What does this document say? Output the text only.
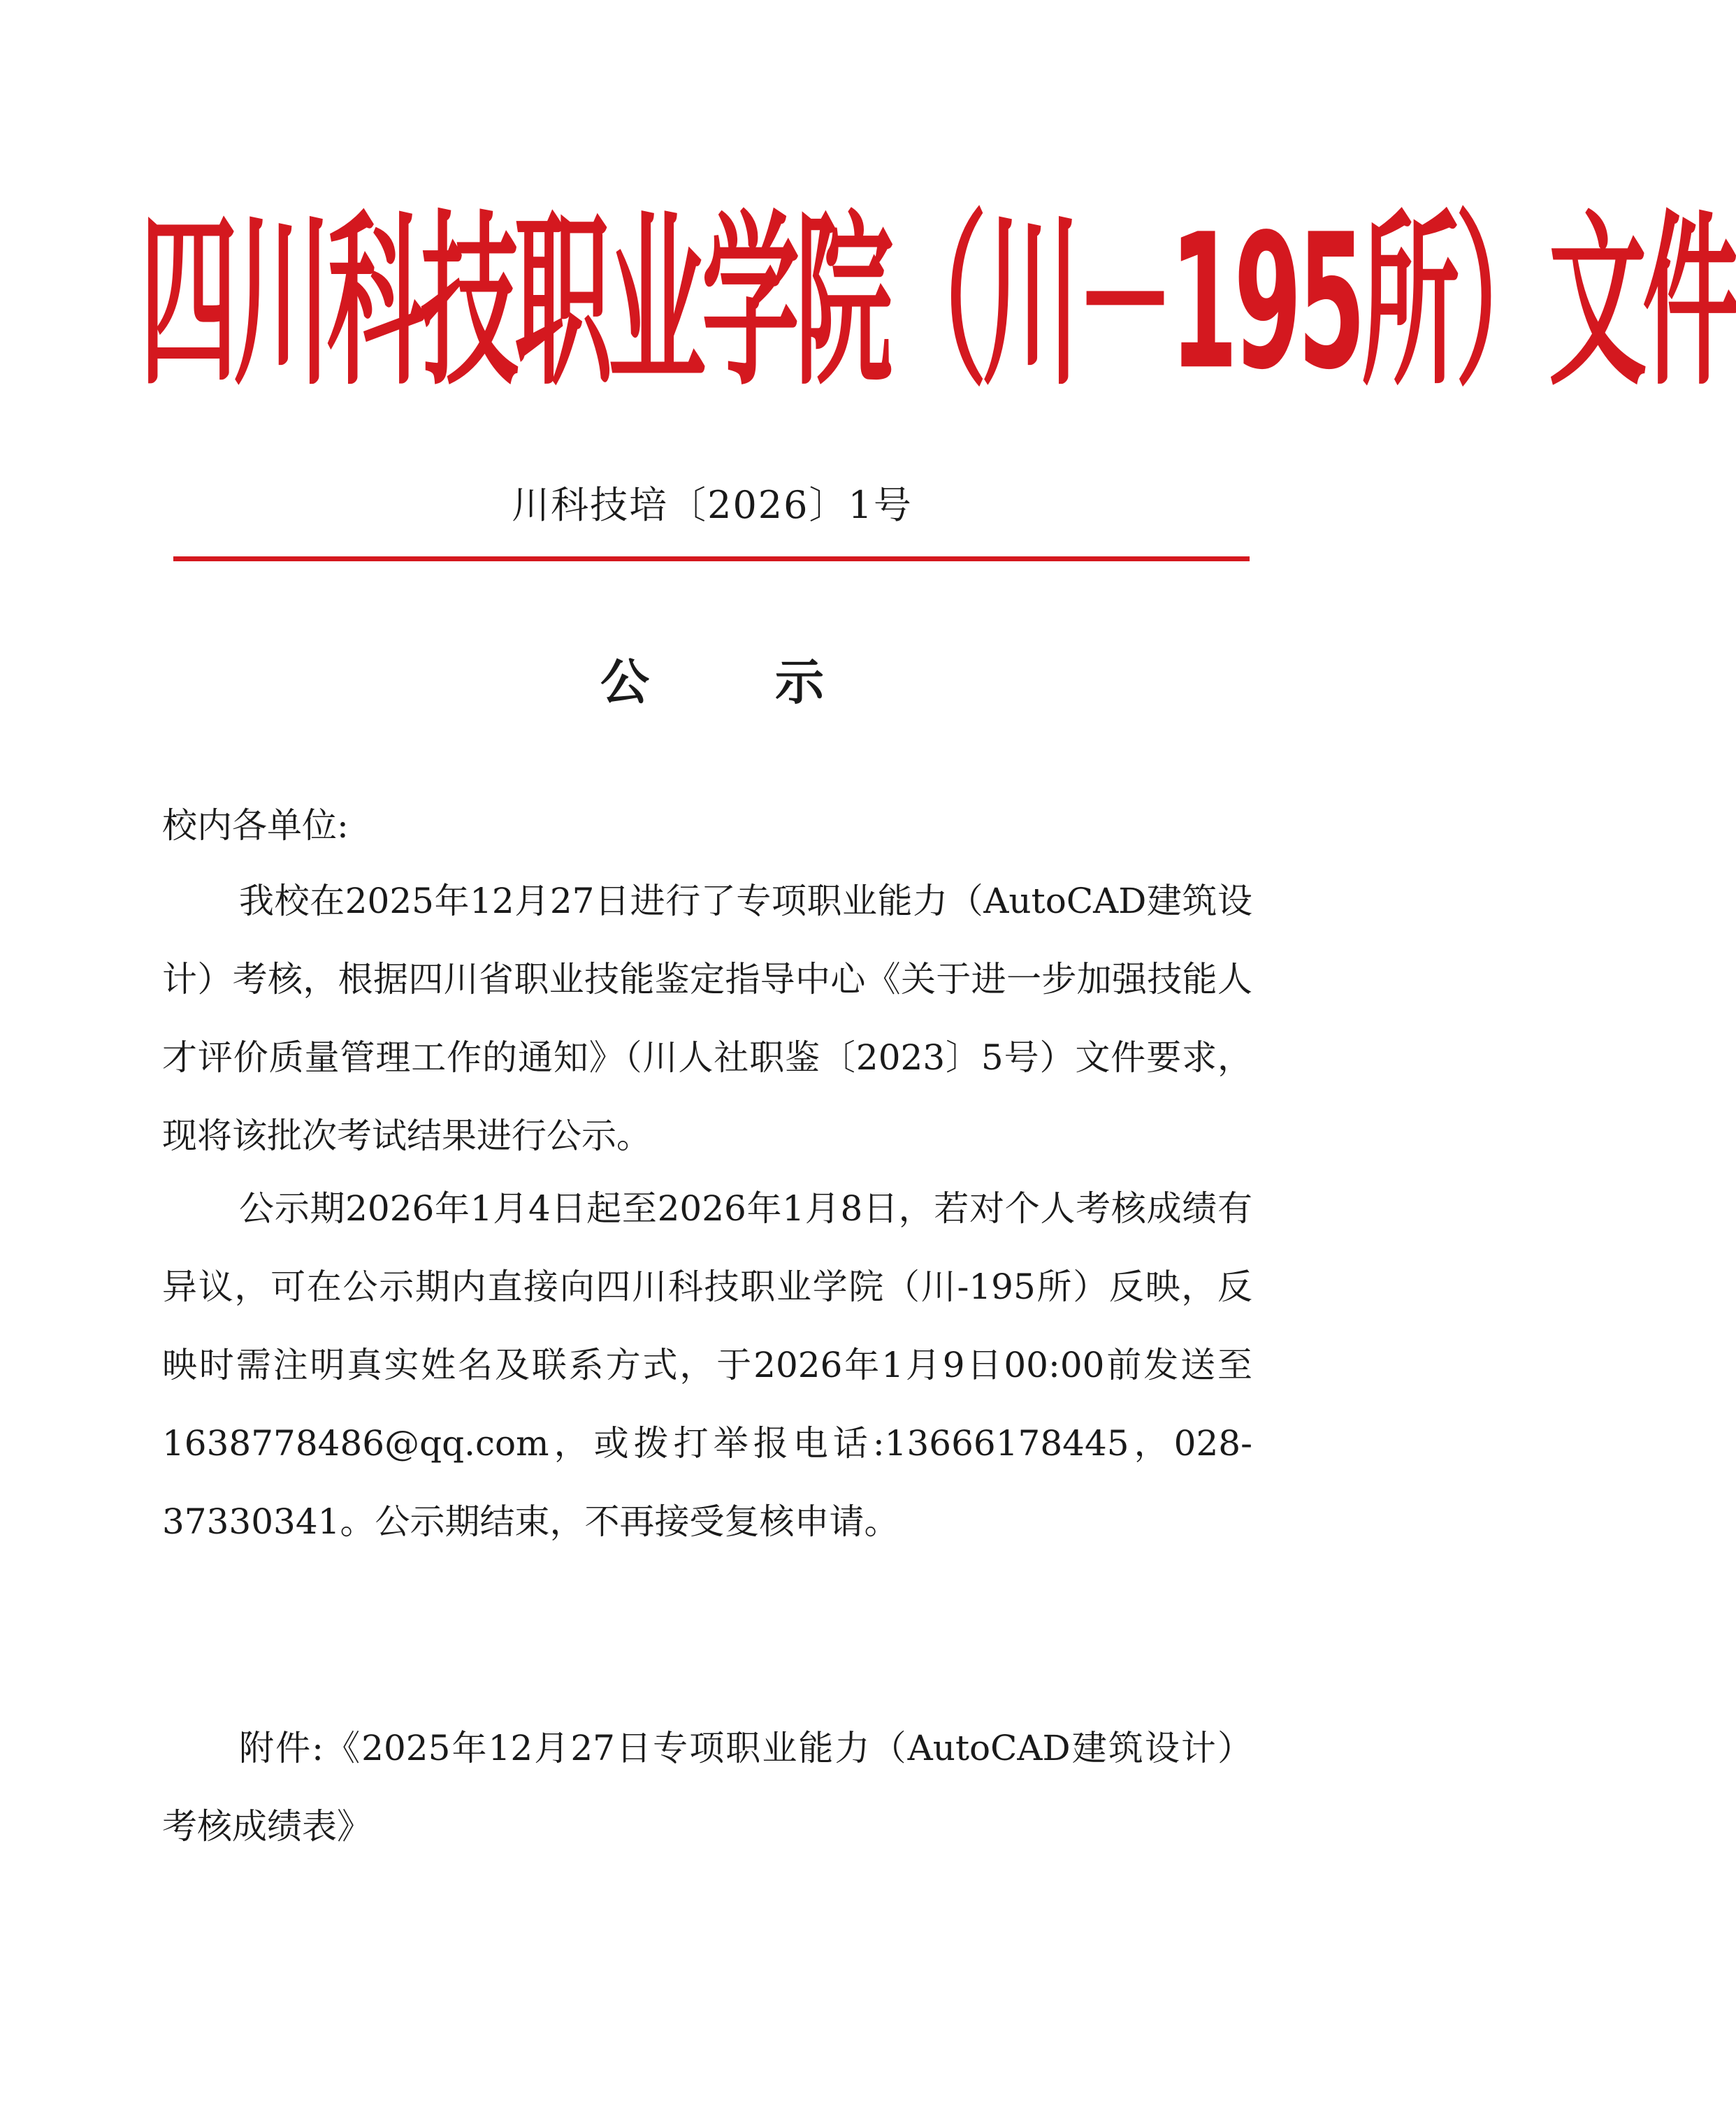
四川科技职业学院（川－195所）文件
川科技培〔2026〕1号
公示
校内各单位:
我校在2025年12月27日进行了专项职业能力（AutoCAD建筑设计）考核，根据四川省职业技能鉴定指导中心《关于进一步加强技能人才评价质量管理工作的通知》（川人社职鉴〔2023〕5号）文件要求，现将该批次考试结果进行公示。
公示期2026年1月4日起至2026年1月8日，若对个人考核成绩有异议，可在公示期内直接向四川科技职业学院（川-195所）反映，反映时需注明真实姓名及联系方式，于2026年1月9日00:00前发送至1638778486@qq.com，或拨打举报电话:13666178445，028-37330341。公示期结束，不再接受复核申请。
附件:《2025年12月27日专项职业能力（AutoCAD建筑设计）考核成绩表》
